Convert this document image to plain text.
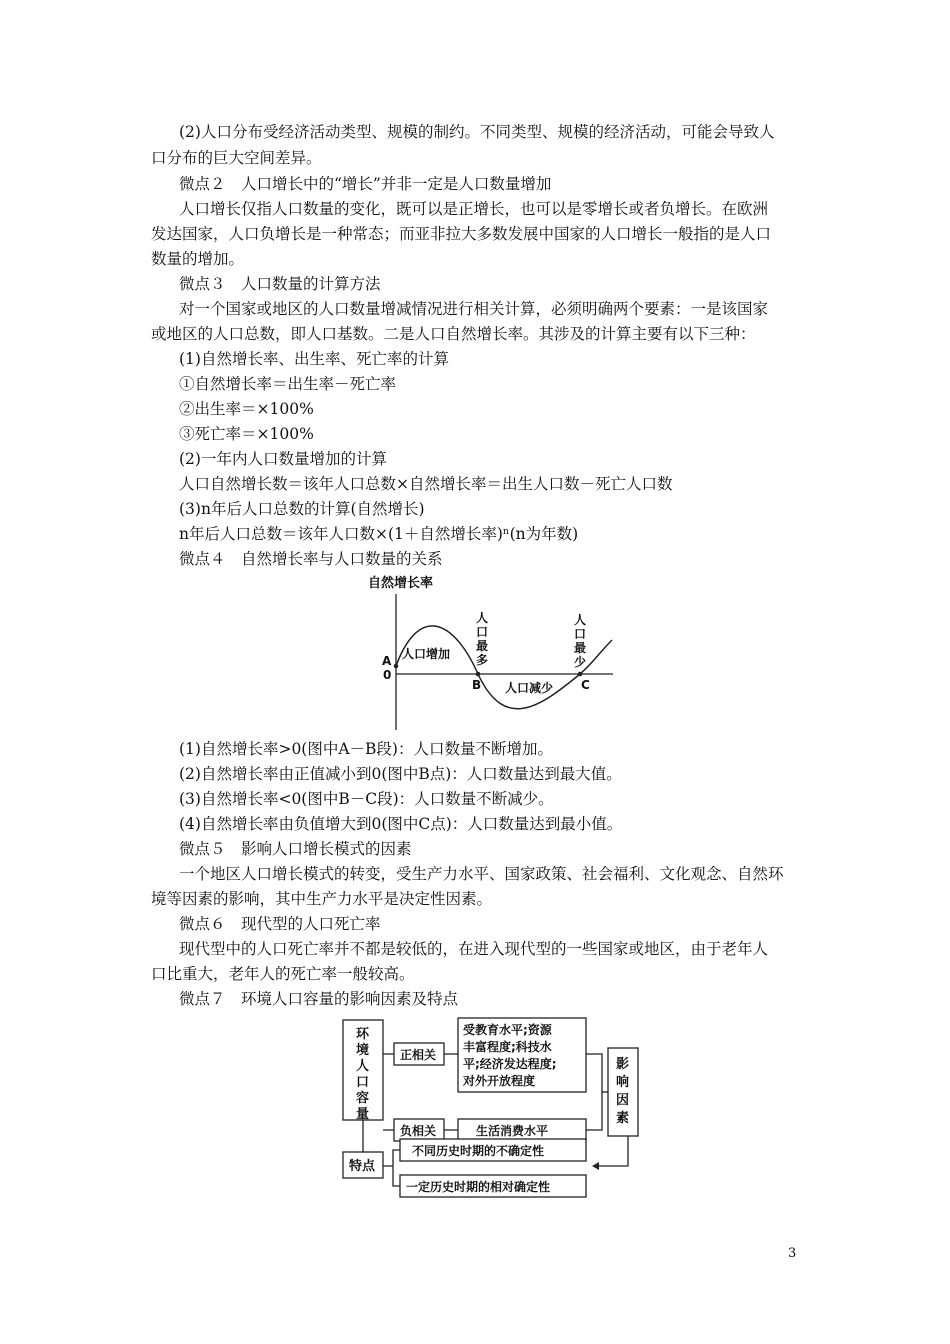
(2)人口分布受经济活动类型、规模的制约。不同类型、规模的经济活动，可能会导致人
口分布的巨大空间差异。
微点２　人口增长中的“增长”并非一定是人口数量增加
人口增长仅指人口数量的变化，既可以是正增长，也可以是零增长或者负增长。在欧洲
发达国家，人口负增长是一种常态；而亚非拉大多数发展中国家的人口增长一般指的是人口
数量的增加。
微点３　人口数量的计算方法
对一个国家或地区的人口数量增减情况进行相关计算，必须明确两个要素：一是该国家
或地区的人口总数，即人口基数。二是人口自然增长率。其涉及的计算主要有以下三种：
(1)自然增长率、出生率、死亡率的计算
①自然增长率＝出生率－死亡率
②出生率＝×100%
③死亡率＝×100%
(2)一年内人口数量增加的计算
人口自然增长数＝该年人口总数×自然增长率＝出生人口数－死亡人口数
(3)n年后人口总数的计算(自然增长)
n年后人口总数＝该年人口数×(1＋自然增长率)ⁿ(n为年数)
微点４　自然增长率与人口数量的关系
自然增长率
A
0
B	C
人口增加
人口减少
人
口
最
多
人
口
最
少
(1)自然增长率>0(图中A－B段)：人口数量不断增加。
(2)自然增长率由正值减小到0(图中B点)：人口数量达到最大值。
(3)自然增长率<0(图中B－C段)：人口数量不断减少。
(4)自然增长率由负值增大到0(图中C点)：人口数量达到最小值。
微点５　影响人口增长模式的因素
一个地区人口增长模式的转变，受生产力水平、国家政策、社会福利、文化观念、自然环
境等因素的影响，其中生产力水平是决定性因素。
微点６　现代型的人口死亡率
现代型中的人口死亡率并不都是较低的，在进入现代型的一些国家或地区，由于老年人
口比重大，老年人的死亡率一般较高。
微点７　环境人口容量的影响因素及特点
环
境
人
口
容
量
正相关
负相关
受教育水平;资源
丰富程度;科技水
平;经济发达程度;
对外开放程度
生活消费水平
影
响
因
素
特点
不同历史时期的不确定性
一定历史时期的相对确定性
3
